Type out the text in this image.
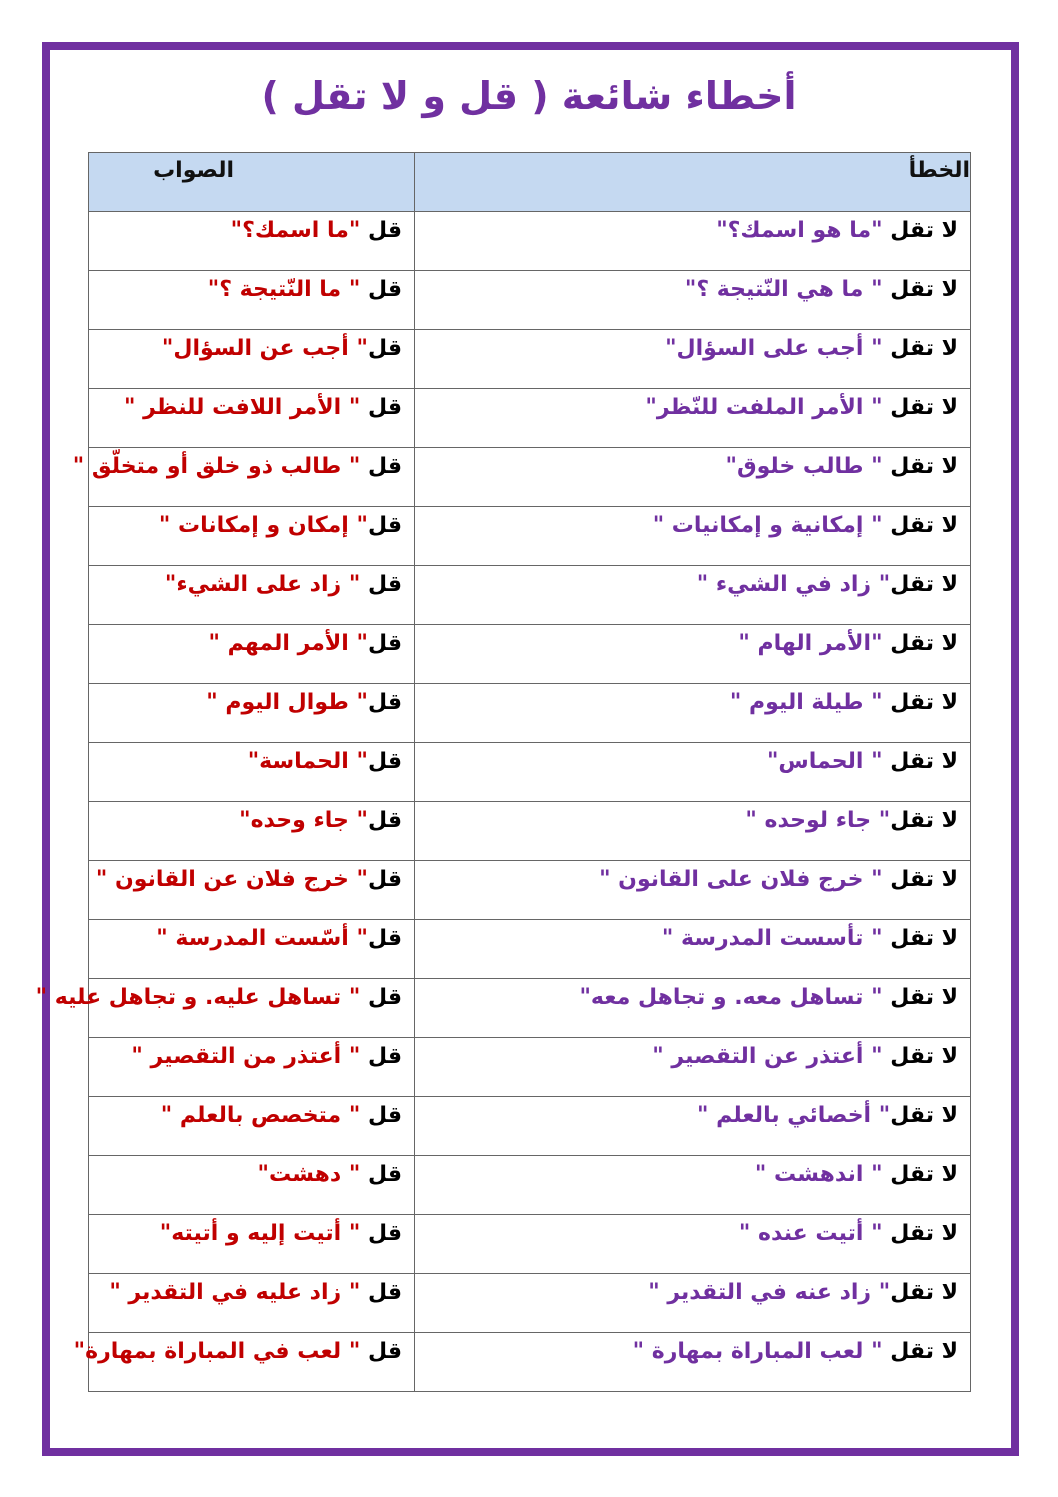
أخطاء شائعة ( قل و لا تقل )
الخطأ	الصواب
لا تقل "ما هو اسمك؟"	قل "ما اسمك؟"
لا تقل " ما هي النّتيجة ؟"	قل " ما النّتيجة ؟"
لا تقل " أجب على السؤال"	قل" أجب عن السؤال"
لا تقل " الأمر الملفت للنّظر"	قل " الأمر اللافت للنظر "
لا تقل " طالب خلوق"	قل " طالب ذو خلق أو متخلّق "
لا تقل " إمكانية و إمكانيات "	قل" إمكان و إمكانات "
لا تقل" زاد في الشيء "	قل " زاد على الشيء"
لا تقل "الأمر الهام "	قل" الأمر المهم "
لا تقل " طيلة اليوم "	قل" طوال اليوم "
لا تقل " الحماس"	قل" الحماسة"
لا تقل" جاء لوحده "	قل" جاء وحده"
لا تقل " خرج فلان على القانون "	قل" خرج فلان عن القانون "
لا تقل " تأسست المدرسة "	قل" أسّست المدرسة "
لا تقل " تساهل معه. و تجاهل معه"	قل " تساهل عليه. و تجاهل عليه "
لا تقل " أعتذر عن التقصير "	قل " أعتذر من التقصير "
لا تقل" أخصائي بالعلم "	قل " متخصص بالعلم "
لا تقل " اندهشت "	قل " دهشت"
لا تقل " أتيت عنده "	قل " أتيت إليه و أتيته"
لا تقل" زاد عنه في التقدير "	قل " زاد عليه في التقدير "
لا تقل " لعب المباراة بمهارة "	قل " لعب في المباراة بمهارة"
